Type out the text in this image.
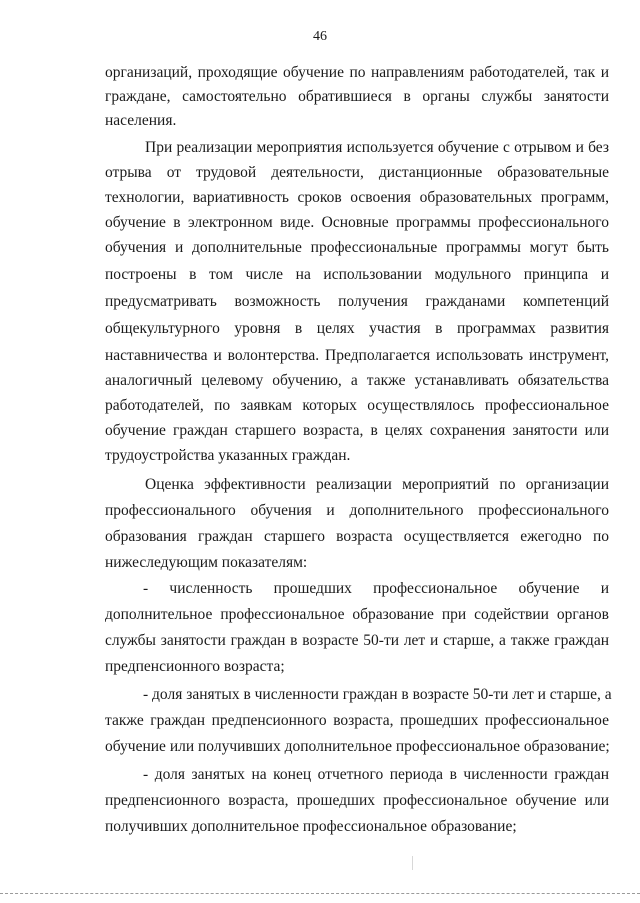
46
организаций, проходящие обучение по направлениям работодателей, так и
граждане, самостоятельно обратившиеся в органы службы занятости
населения.
При реализации мероприятия используется обучение с отрывом и без
отрыва от трудовой деятельности, дистанционные образовательные
технологии, вариативность сроков освоения образовательных программ,
обучение в электронном виде. Основные программы профессионального
обучения и дополнительные профессиональные программы могут быть
построены в том числе на использовании модульного принципа и
предусматривать возможность получения гражданами компетенций
общекультурного уровня в целях участия в программах развития
наставничества и волонтерства. Предполагается использовать инструмент,
аналогичный целевому обучению, а также устанавливать обязательства
работодателей, по заявкам которых осуществлялось профессиональное
обучение граждан старшего возраста, в целях сохранения занятости или
трудоустройства указанных граждан.
Оценка эффективности реализации мероприятий по организации
профессионального обучения и дополнительного профессионального
образования граждан старшего возраста осуществляется ежегодно по
нижеследующим показателям:
- численность прошедших профессиональное обучение и
дополнительное профессиональное образование при содействии органов
службы занятости граждан в возрасте 50-ти лет и старше, а также граждан
предпенсионного возраста;
- доля занятых в численности граждан в возрасте 50-ти лет и старше, а
также граждан предпенсионного возраста, прошедших профессиональное
обучение или получивших дополнительное профессиональное образование;
- доля занятых на конец отчетного периода в численности граждан
предпенсионного возраста, прошедших профессиональное обучение или
получивших дополнительное профессиональное образование;
